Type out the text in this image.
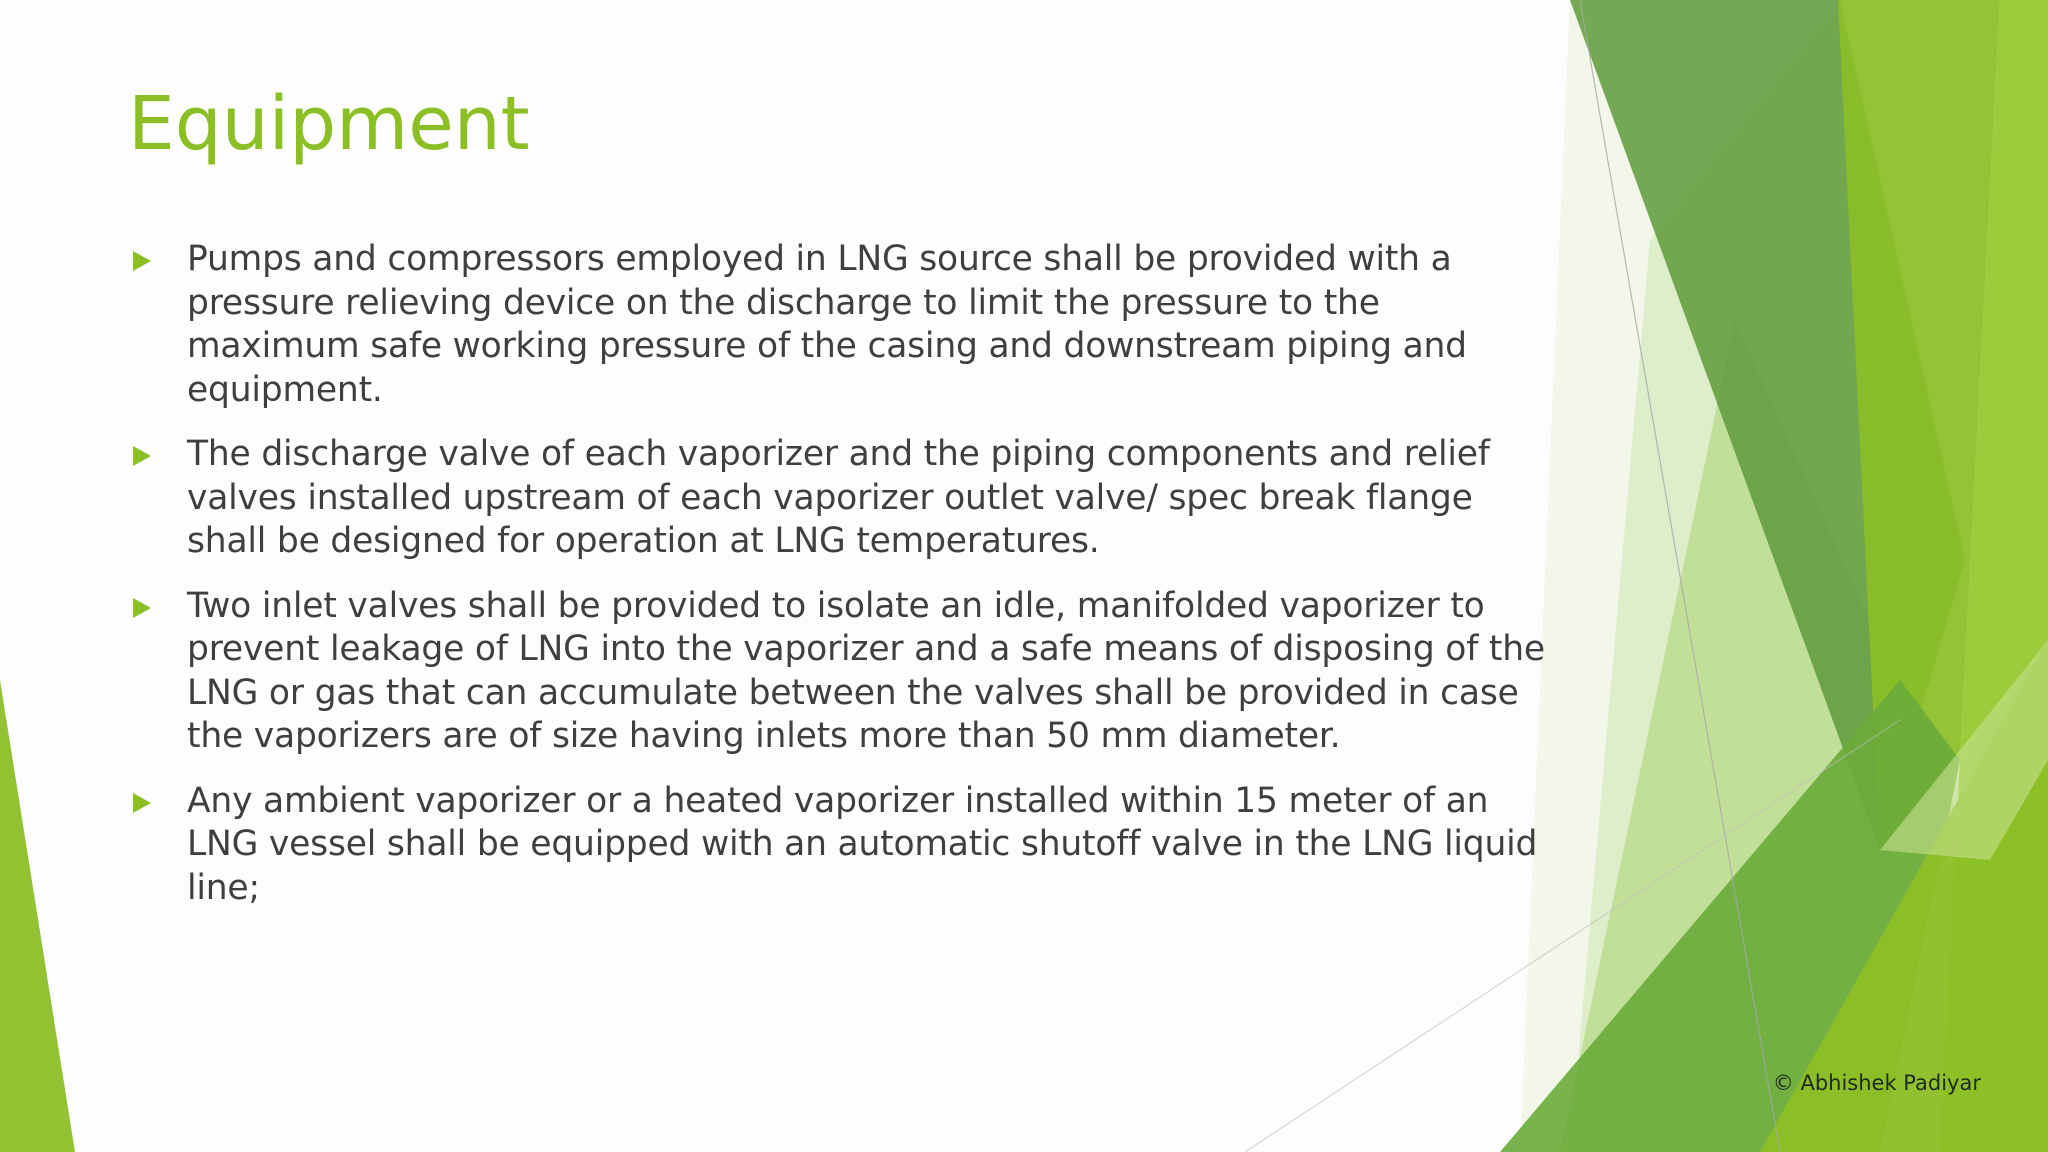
Equipment
Pumps and compressors employed in LNG source shall be provided with a pressure relieving device on the discharge to limit the pressure to the maximum safe working pressure of the casing and downstream piping and equipment.
The discharge valve of each vaporizer and the piping components and relief valves installed upstream of each vaporizer outlet valve/ spec break flange shall be designed for operation at LNG temperatures.
Two inlet valves shall be provided to isolate an idle, manifolded vaporizer to prevent leakage of LNG into the vaporizer and a safe means of disposing of the LNG or gas that can accumulate between the valves shall be provided in case the vaporizers are of size having inlets more than 50 mm diameter.
Any ambient vaporizer or a heated vaporizer installed within 15 meter of an LNG vessel shall be equipped with an automatic shutoff valve in the LNG liquid line;
© Abhishek Padiyar
